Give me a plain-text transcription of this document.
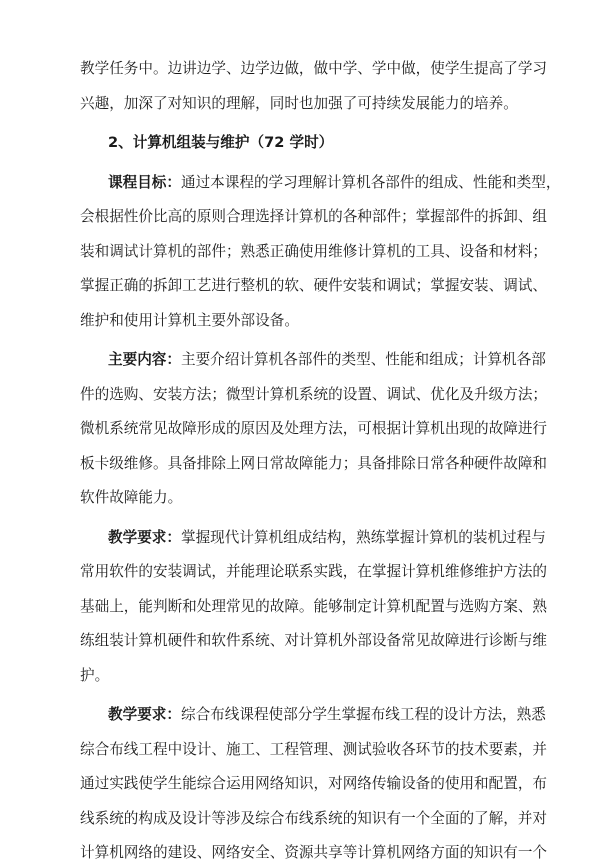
教学任务中。边讲边学、边学边做，做中学、学中做，使学生提高了学习
兴趣，加深了对知识的理解，同时也加强了可持续发展能力的培养。
2、计算机组装与维护（72 学时）
课程目标：通过本课程的学习理解计算机各部件的组成、性能和类型，
会根据性价比高的原则合理选择计算机的各种部件；掌握部件的拆卸、组
装和调试计算机的部件；熟悉正确使用维修计算机的工具、设备和材料；
掌握正确的拆卸工艺进行整机的软、硬件安装和调试；掌握安装、调试、
维护和使用计算机主要外部设备。
主要内容：主要介绍计算机各部件的类型、性能和组成；计算机各部
件的选购、安装方法；微型计算机系统的设置、调试、优化及升级方法；
微机系统常见故障形成的原因及处理方法，可根据计算机出现的故障进行
板卡级维修。具备排除上网日常故障能力；具备排除日常各种硬件故障和
软件故障能力。
教学要求：掌握现代计算机组成结构，熟练掌握计算机的装机过程与
常用软件的安装调试，并能理论联系实践，在掌握计算机维修维护方法的
基础上，能判断和处理常见的故障。能够制定计算机配置与选购方案、熟
练组装计算机硬件和软件系统、对计算机外部设备常见故障进行诊断与维
护。
教学要求：综合布线课程使部分学生掌握布线工程的设计方法，熟悉
综合布线工程中设计、施工、工程管理、测试验收各环节的技术要素，并
通过实践使学生能综合运用网络知识，对网络传输设备的使用和配置，布
线系统的构成及设计等涉及综合布线系统的知识有一个全面的了解，并对
计算机网络的建设、网络安全、资源共享等计算机网络方面的知识有一个
